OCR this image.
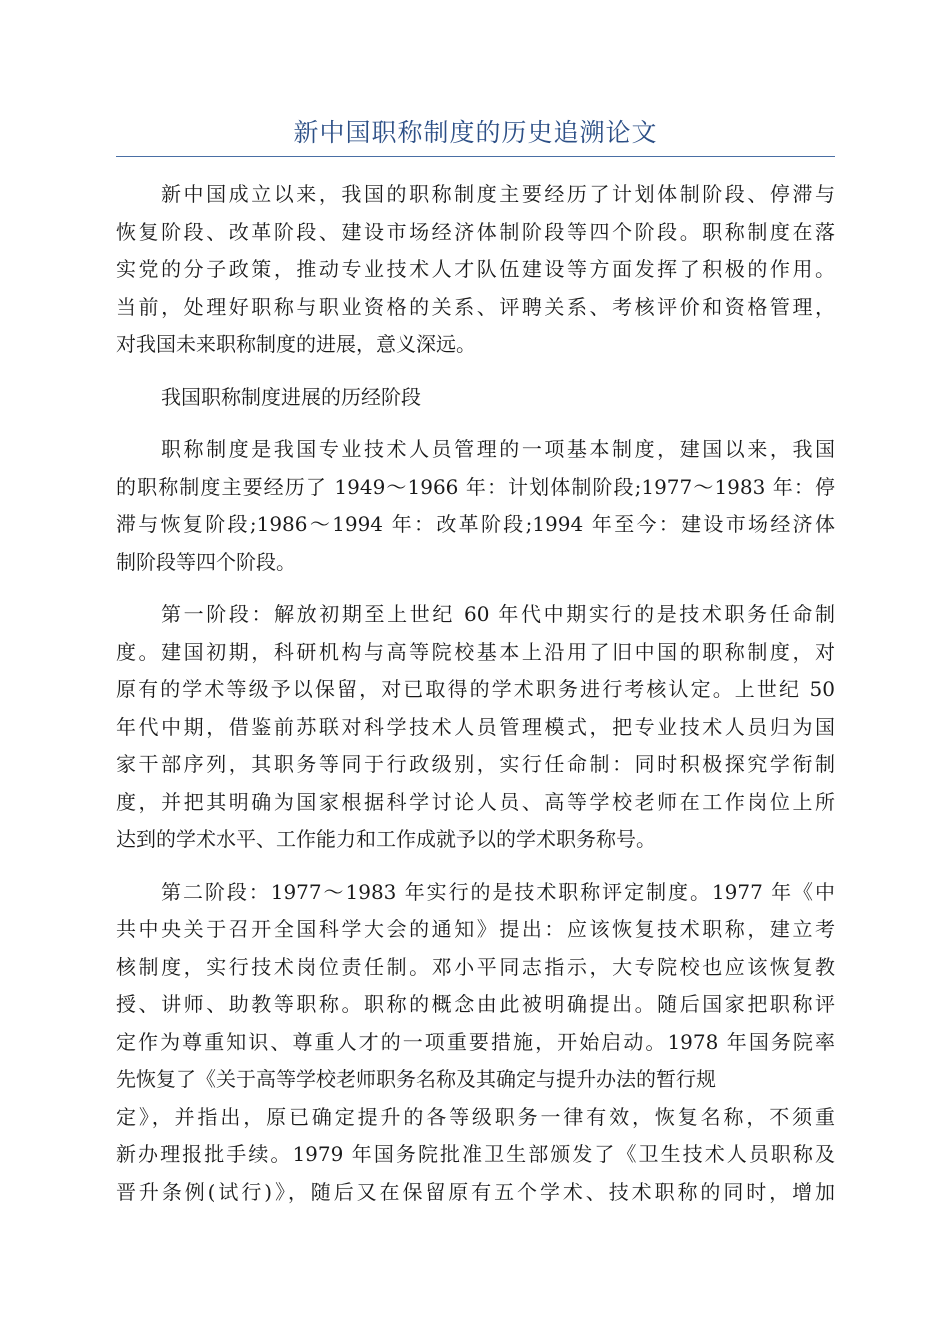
新中国职称制度的历史追溯论文
新中国成立以来，我国的职称制度主要经历了计划体制阶段、停滞与
恢复阶段、改革阶段、建设市场经济体制阶段等四个阶段。职称制度在落
实党的分子政策，推动专业技术人才队伍建设等方面发挥了积极的作用。
当前，处理好职称与职业资格的关系、评聘关系、考核评价和资格管理，
对我国未来职称制度的进展，意义深远。
我国职称制度进展的历经阶段
职称制度是我国专业技术人员管理的一项基本制度，建国以来，我国
的职称制度主要经历了 1949～1966 年：计划体制阶段;1977～1983 年：停
滞与恢复阶段;1986～1994 年：改革阶段;1994 年至今：建设市场经济体
制阶段等四个阶段。
第一阶段：解放初期至上世纪 60 年代中期实行的是技术职务任命制
度。建国初期，科研机构与高等院校基本上沿用了旧中国的职称制度，对
原有的学术等级予以保留，对已取得的学术职务进行考核认定。上世纪 50
年代中期，借鉴前苏联对科学技术人员管理模式，把专业技术人员归为国
家干部序列，其职务等同于行政级别，实行任命制：同时积极探究学衔制
度，并把其明确为国家根据科学讨论人员、高等学校老师在工作岗位上所
达到的学术水平、工作能力和工作成就予以的学术职务称号。
第二阶段：1977～1983 年实行的是技术职称评定制度。1977 年《中
共中央关于召开全国科学大会的通知》提出：应该恢复技术职称，建立考
核制度，实行技术岗位责任制。邓小平同志指示，大专院校也应该恢复教
授、讲师、助教等职称。职称的概念由此被明确提出。随后国家把职称评
定作为尊重知识、尊重人才的一项重要措施，开始启动。1978 年国务院率
先恢复了《关于高等学校老师职务名称及其确定与提升办法的暂行规
定》，并指出，原已确定提升的各等级职务一律有效，恢复名称，不须重
新办理报批手续。1979 年国务院批准卫生部颁发了《卫生技术人员职称及
晋升条例(试行)》，随后又在保留原有五个学术、技术职称的同时，增加
